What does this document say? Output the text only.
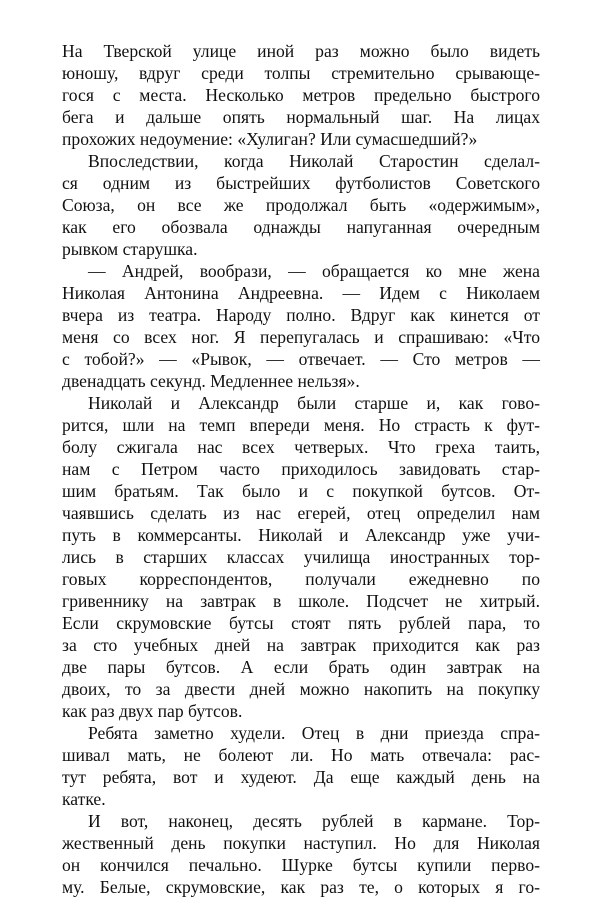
На Тверской улице иной раз можно было видеть
юношу, вдруг среди толпы стремительно срывающе-
гося с места. Несколько метров предельно быстрого
бега и дальше опять нормальный шаг. На лицах
прохожих недоумение: «Хулиган? Или сумасшедший?»
Впоследствии, когда Николай Старостин сделал-
ся одним из быстрейших футболистов Советского
Союза, он все же продолжал быть «одержимым»,
как его обозвала однажды напуганная очередным
рывком старушка.
— Андрей, вообрази, — обращается ко мне жена
Николая Антонина Андреевна. — Идем с Николаем
вчера из театра. Народу полно. Вдруг как кинется от
меня со всех ног. Я перепугалась и спрашиваю: «Что
с тобой?» — «Рывок, — отвечает. — Сто метров —
двенадцать секунд. Медленнее нельзя».
Николай и Александр были старше и, как гово-
рится, шли на темп впереди меня. Но страсть к фут-
болу сжигала нас всех четверых. Что греха таить,
нам с Петром часто приходилось завидовать стар-
шим братьям. Так было и с покупкой бутсов. От-
чаявшись сделать из нас егерей, отец определил нам
путь в коммерсанты. Николай и Александр уже учи-
лись в старших классах училища иностранных тор-
говых корреспондентов, получали ежедневно по
гривеннику на завтрак в школе. Подсчет не хитрый.
Если скрумовские бутсы стоят пять рублей пара, то
за сто учебных дней на завтрак приходится как раз
две пары бутсов. А если брать один завтрак на
двоих, то за двести дней можно накопить на покупку
как раз двух пар бутсов.
Ребята заметно худели. Отец в дни приезда спра-
шивал мать, не болеют ли. Но мать отвечала: рас-
тут ребята, вот и худеют. Да еще каждый день на
катке.
И вот, наконец, десять рублей в кармане. Тор-
жественный день покупки наступил. Но для Николая
он кончился печально. Шурке бутсы купили перво-
му. Белые, скрумовские, как раз те, о которых я го-
